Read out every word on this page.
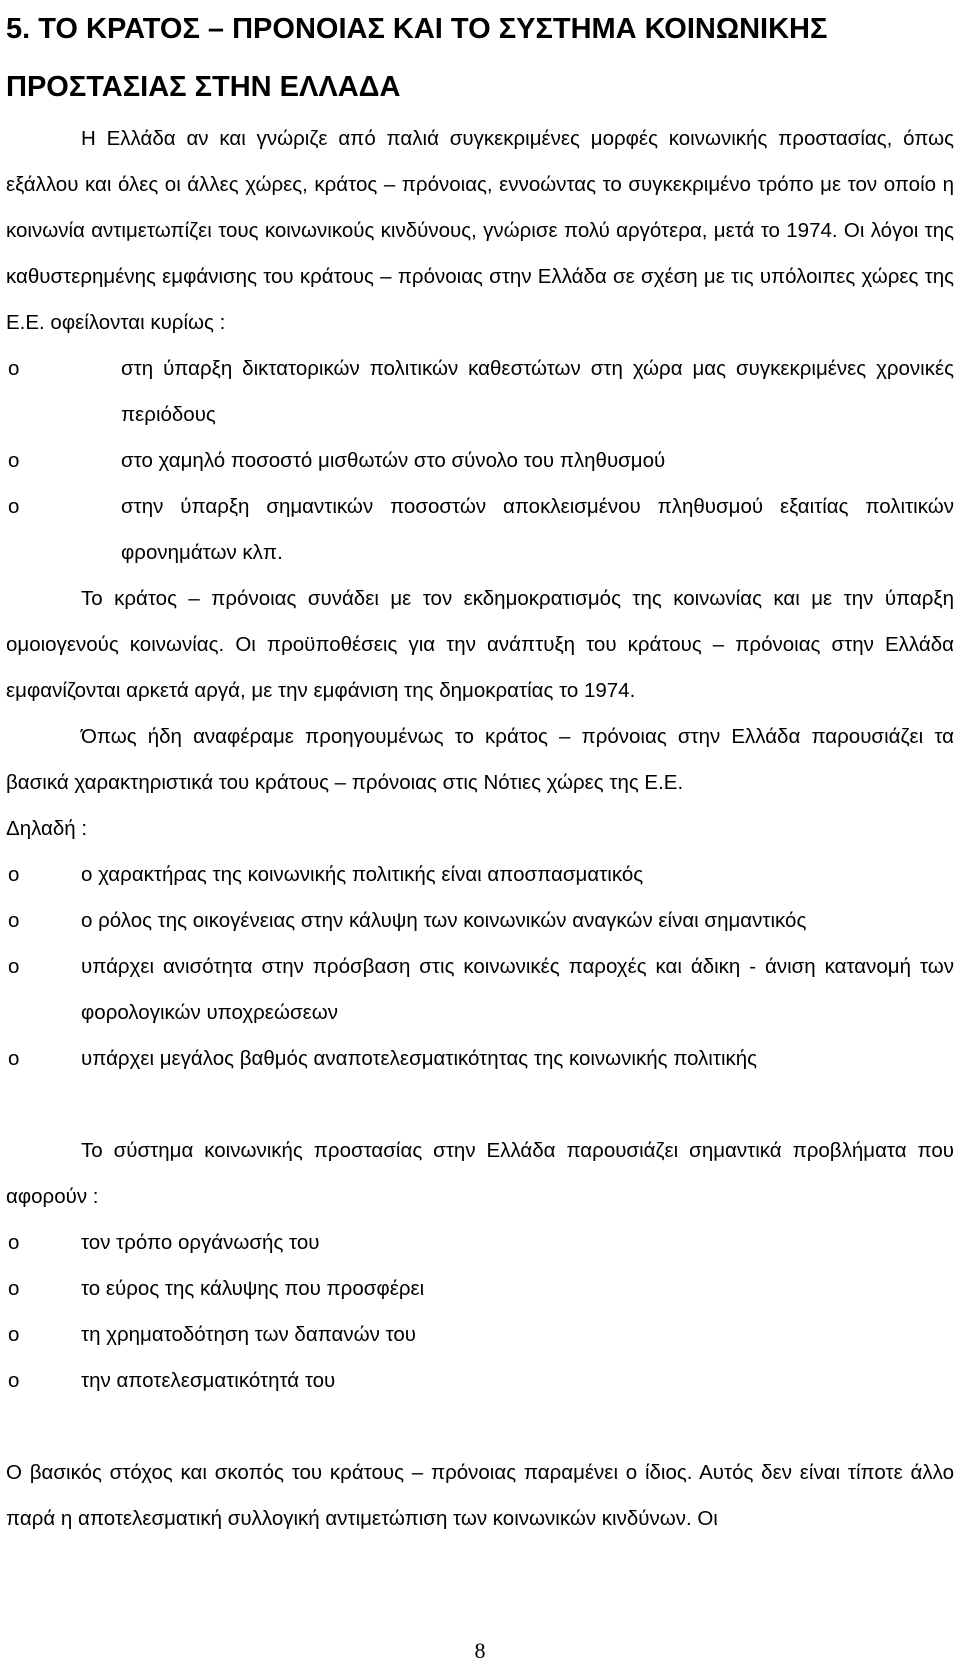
5. ΤΟ ΚΡΑΤΟΣ – ΠΡΟΝΟΙΑΣ ΚΑΙ ΤΟ ΣΥΣΤΗΜΑ ΚΟΙΝΩΝΙΚΗΣ ΠΡΟΣΤΑΣΙΑΣ ΣΤΗΝ ΕΛΛΑΔΑ

Η Ελλάδα αν και γνώριζε από παλιά συγκεκριμένες μορφές κοινωνικής προστασίας, όπως εξάλλου και όλες οι άλλες χώρες, κράτος – πρόνοιας, εννοώντας το συγκεκριμένο τρόπο με τον οποίο η κοινωνία αντιμετωπίζει τους κοινωνικούς κινδύνους, γνώρισε πολύ αργότερα, μετά το 1974. Οι λόγοι της καθυστερημένης εμφάνισης του κράτους – πρόνοιας στην Ελλάδα σε σχέση με τις υπόλοιπες χώρες της Ε.Ε. οφείλονται κυρίως :

o	στη ύπαρξη δικτατορικών πολιτικών καθεστώτων στη χώρα μας συγκεκριμένες χρονικές περιόδους
o	στο χαμηλό ποσοστό μισθωτών στο σύνολο του πληθυσμού
o	στην ύπαρξη σημαντικών ποσοστών αποκλεισμένου πληθυσμού εξαιτίας πολιτικών φρονημάτων κλπ.

Το κράτος – πρόνοιας συνάδει με τον εκδημοκρατισμός της κοινωνίας και με την ύπαρξη ομοιογενούς κοινωνίας. Οι προϋποθέσεις για την ανάπτυξη του κράτους – πρόνοιας στην Ελλάδα εμφανίζονται αρκετά αργά, με την εμφάνιση της δημοκρατίας το 1974.

Όπως ήδη αναφέραμε προηγουμένως το κράτος – πρόνοιας στην Ελλάδα παρουσιάζει τα βασικά χαρακτηριστικά του κράτους – πρόνοιας στις Νότιες χώρες της Ε.Ε.

Δηλαδή :

o	ο χαρακτήρας της κοινωνικής πολιτικής είναι αποσπασματικός
o	ο ρόλος της οικογένειας στην κάλυψη των κοινωνικών αναγκών είναι σημαντικός
o	υπάρχει ανισότητα στην πρόσβαση στις κοινωνικές παροχές και άδικη - άνιση κατανομή των φορολογικών υποχρεώσεων
o	υπάρχει μεγάλος βαθμός αναποτελεσματικότητας της κοινωνικής πολιτικής

Το σύστημα κοινωνικής προστασίας στην Ελλάδα παρουσιάζει σημαντικά προβλήματα που αφορούν :

o	τον τρόπο οργάνωσής του
o	το εύρος της κάλυψης που προσφέρει
o	τη χρηματοδότηση των δαπανών του
o	την αποτελεσματικότητά του

Ο βασικός στόχος και σκοπός του κράτους – πρόνοιας παραμένει ο ίδιος. Αυτός δεν είναι τίποτε άλλο παρά η αποτελεσματική συλλογική αντιμετώπιση των κοινωνικών κινδύνων. Οι

8
